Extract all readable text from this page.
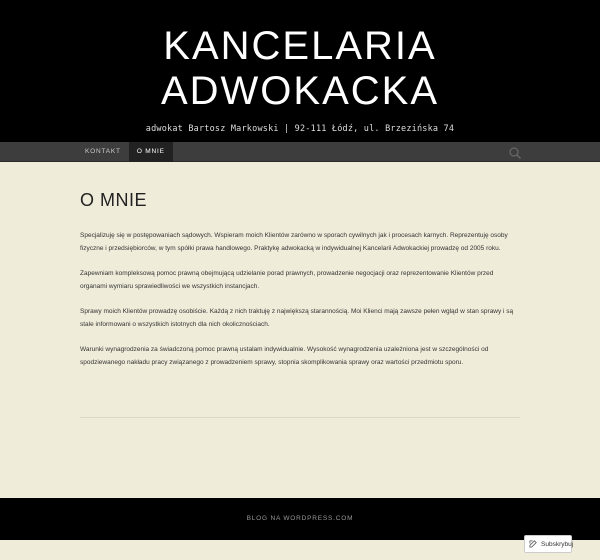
KANCELARIA
ADWOKACKA
adwokat Bartosz Markowski | 92-111 Łódź, ul. Brzezińska 74
KONTAKT	O MNIE
O MNIE

Specjalizuję się w postępowaniach sądowych. Wspieram moich Klientów zarówno w sporach cywilnych jak i procesach karnych. Reprezentuję osoby fizyczne i przedsiębiorców, w tym spółki prawa handlowego. Praktykę adwokacką w indywidualnej Kancelarii Adwokackiej prowadzę od 2005 roku.

Zapewniam kompleksową pomoc prawną obejmującą udzielanie porad prawnych, prowadzenie negocjacji oraz reprezentowanie Klientów przed organami wymiaru sprawiedliwości we wszystkich instancjach.

Sprawy moich Klientów prowadzę osobiście. Każdą z nich traktuję z największą starannością. Moi Klienci mają zawsze pełen wgląd w stan sprawy i są stale informowani o wszystkich istotnych dla nich okolicznościach.

Warunki wynagrodzenia za świadczoną pomoc prawną ustalam indywidualnie. Wysokość wynagrodzenia uzależniona jest w szczególności od spodziewanego nakładu pracy związanego z prowadzeniem sprawy, stopnia skomplikowania sprawy oraz wartości przedmiotu sporu.

BLOG NA WORDPRESS.COM
Subskrybuj
